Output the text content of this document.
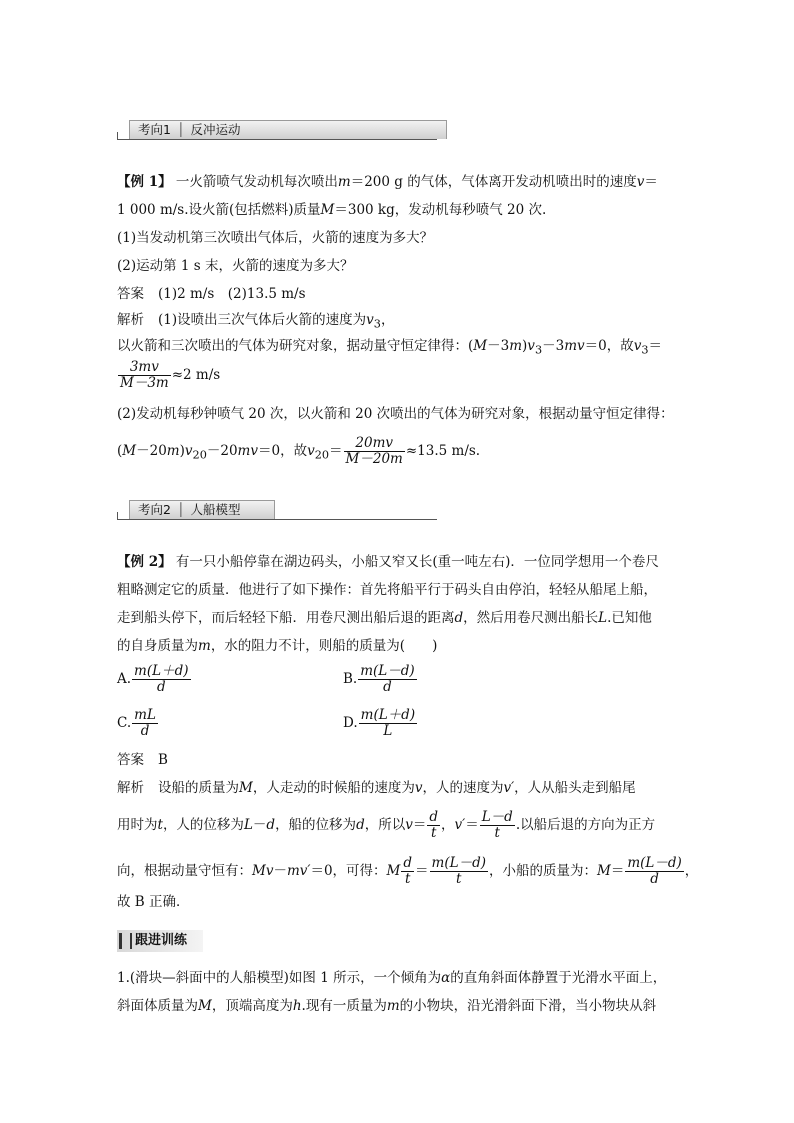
考向1 │ 反冲运动
【例 1】 一火箭喷气发动机每次喷出m＝200 g 的气体，气体离开发动机喷出时的速度v＝
1 000 m/s.设火箭(包括燃料)质量M＝300 kg，发动机每秒喷气 20 次.
(1)当发动机第三次喷出气体后，火箭的速度为多大？
(2)运动第 1 s 末，火箭的速度为多大？
答案 (1)2 m/s　(2)13.5 m/s
解析 (1)设喷出三次气体后火箭的速度为$v_3$，
以火箭和三次喷出的气体为研究对象，据动量守恒定律得：$(M-3m)v_3-3mv=0$，故$v_3=$
$\frac{3mv}{M-3m} \approx 2$ m/s
(2)发动机每秒钟喷气 20 次，以火箭和 20 次喷出的气体为研究对象，根据动量守恒定律得：
$(M-20m)v_{20}-20mv=0$，故$v_{20}= \frac{20mv}{M-20m} \approx 13.5$ m/s.
考向2 │ 人船模型
【例 2】 有一只小船停靠在湖边码头，小船又窄又长(重一吨左右)．一位同学想用一个卷尺
粗略测定它的质量．他进行了如下操作：首先将船平行于码头自由停泊，轻轻从船尾上船，
走到船头停下，而后轻轻下船．用卷尺测出船后退的距离d，然后用卷尺测出船长L.已知他
的自身质量为m，水的阻力不计，则船的质量为(　　)
A. $\frac{m(L+d)}{d}$	B. $\frac{m(L-d)}{d}$
C. $\frac{mL}{d}$	D. $\frac{m(L+d)}{L}$
答案 B
解析 设船的质量为M，人走动的时候船的速度为v，人的速度为v′，人从船头走到船尾
用时为t，人的位移为L－d，船的位移为d，所以$v= \frac{d}{t}$ ，$v'= \frac{L-d}{t}$ .以船后退的方向为正方
向，根据动量守恒有：Mv－mv′＝0，可得：M $\frac{d}{t} = \frac{m(L-d)}{t}$ ，小船的质量为：$M= \frac{m(L-d)}{d}$ ，
故 B 正确．
跟进训练
1.(滑块—斜面中的人船模型)如图 1 所示，一个倾角为α的直角斜面体静置于光滑水平面上，
斜面体质量为M，顶端高度为h.现有一质量为m的小物块，沿光滑斜面下滑，当小物块从斜
